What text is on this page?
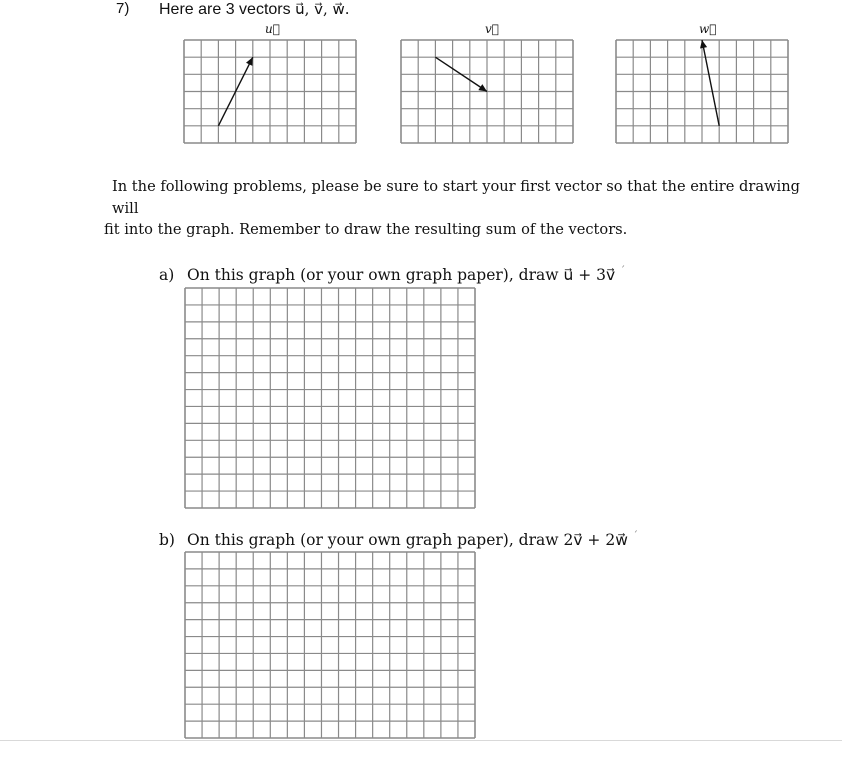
7) Here are 3 vectors u⃗, v⃗, w⃗.
u⃗	v⃗	w⃗
In the following problems, please be sure to start your first vector so that the entire drawing will
fit into the graph. Remember to draw the resulting sum of the vectors.
a) On this graph (or your own graph paper), draw u⃗ + 3v⃗ ´
b) On this graph (or your own graph paper), draw 2v⃗ + 2w⃗ ´
